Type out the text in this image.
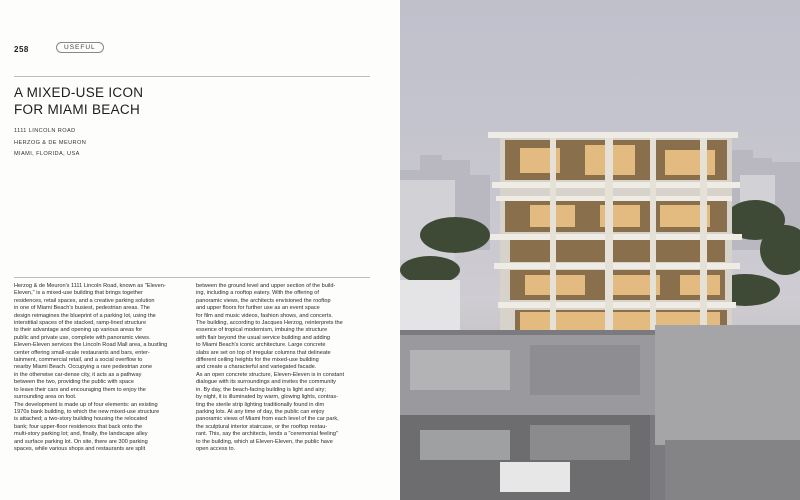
258	USEFUL
A MIXED-USE ICON
FOR MIAMI BEACH
1111 LINCOLN ROAD
HERZOG & DE MEURON
MIAMI, FLORIDA, USA
Herzog & de Meuron's 1111 Lincoln Road, known as "Eleven-
Eleven," is a mixed-use building that brings together
residences, retail spaces, and a creative parking solution
in one of Miami Beach's busiest, pedestrian areas. The
design reimagines the blueprint of a parking lot, using the
interstitial spaces of the stacked, ramp-lined structure
to their advantage and opening up various areas for
public and private use, complete with panoramic views.
Eleven-Eleven services the Lincoln Road Mall area, a bustling
center offering small-scale restaurants and bars, enter-
tainment, commercial retail, and a social overflow to
nearby Miami Beach. Occupying a rare pedestrian zone
in the otherwise car-dense city, it acts as a pathway
between the two, providing the public with space
to leave their cars and encouraging them to enjoy the
surrounding area on foot.
The development is made up of four elements: an existing
1970s bank building, to which the new mixed-use structure
is attached; a two-story building housing the relocated
bank; four upper-floor residences that back onto the
multi-story parking lot; and, finally, the landscape alley
and surface parking lot. On site, there are 300 parking
spaces, while various shops and restaurants are split
between the ground level and upper section of the build-
ing, including a rooftop eatery. With the offering of
panoramic views, the architects envisioned the rooftop
and upper floors for further use as an event space
for film and music videos, fashion shows, and concerts.
The building, according to Jacques Herzog, reinterprets the
essence of tropical modernism, imbuing the structure
with flair beyond the usual service building and adding
to Miami Beach's iconic architecture. Large concrete
slabs are set on top of irregular columns that delineate
different ceiling heights for the mixed-use building
and create a characterful and variegated facade.
As an open concrete structure, Eleven-Eleven is in constant
dialogue with its surroundings and invites the community
in. By day, the beach-facing building is light and airy;
by night, it is illuminated by warm, glowing lights, contras-
ting the sterile strip lighting traditionally found in dim
parking lots. At any time of day, the public can enjoy
panoramic views of Miami from each level of the car park,
the sculptural interior staircase, or the rooftop restau-
rant. This, say the architects, lends a "ceremonial feeling"
to the building, which at Eleven-Eleven, the public have
open access to.
